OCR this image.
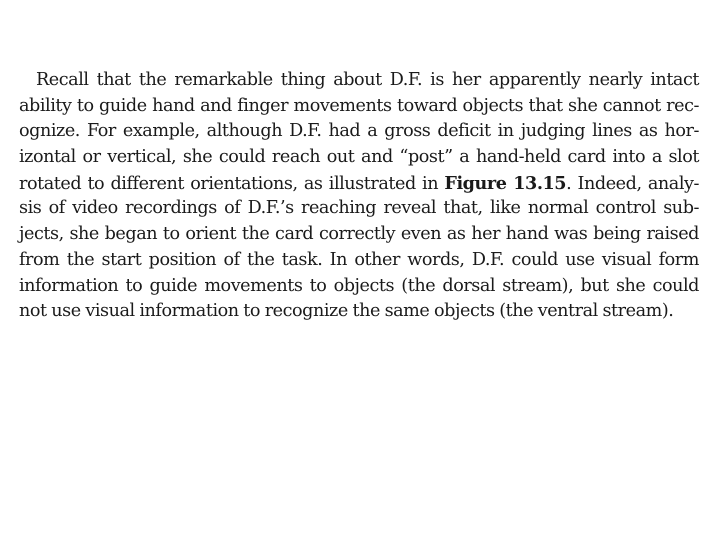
Recall that the remarkable thing about D.F. is her apparently nearly intact
ability to guide hand and finger movements toward objects that she cannot rec-
ognize. For example, although D.F. had a gross deficit in judging lines as hor-
izontal or vertical, she could reach out and “post” a hand-held card into a slot
rotated to different orientations, as illustrated in Figure 13.15. Indeed, analy-
sis of video recordings of D.F.’s reaching reveal that, like normal control sub-
jects, she began to orient the card correctly even as her hand was being raised
from the start position of the task. In other words, D.F. could use visual form
information to guide movements to objects (the dorsal stream), but she could
not use visual information to recognize the same objects (the ventral stream).
